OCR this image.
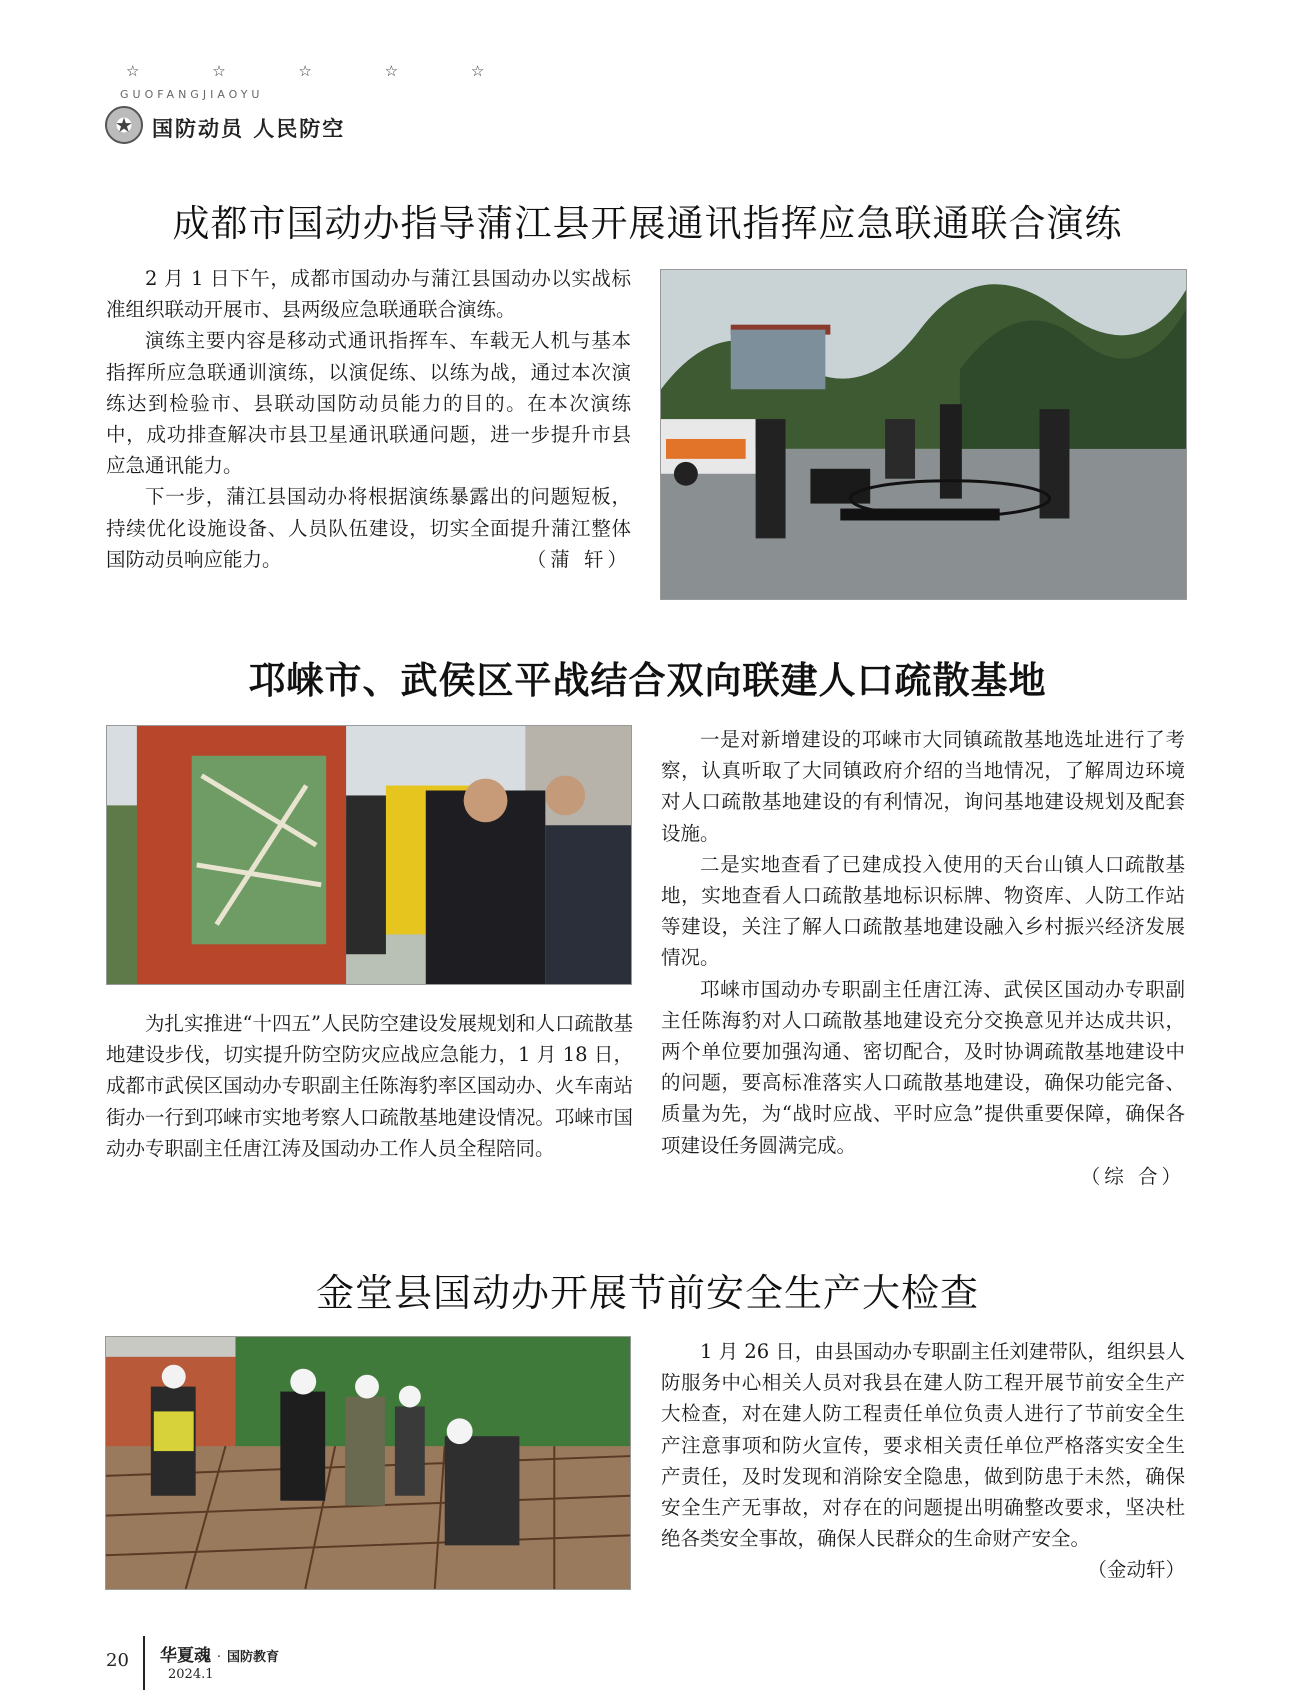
☆ ☆ ☆ ☆ ☆
GUOFANGJIAOYU
★ 国防动员 人民防空
成都市国动办指导蒲江县开展通讯指挥应急联通联合演练

2 月 1 日下午，成都市国动办与蒲江县国动办以实战标准组织联动开展市、县两级应急联通联合演练。

演练主要内容是移动式通讯指挥车、车载无人机与基本指挥所应急联通训演练，以演促练、以练为战，通过本次演练达到检验市、县联动国防动员能力的目的。在本次演练中，成功排查解决市县卫星通讯联通问题，进一步提升市县应急通讯能力。

下一步，蒲江县国动办将根据演练暴露出的问题短板，持续优化设施设备、人员队伍建设，切实全面提升蒲江整体国防动员响应能力。	（蒲 轩）

邛崃市、武侯区平战结合双向联建人口疏散基地

为扎实推进“十四五”人民防空建设发展规划和人口疏散基地建设步伐，切实提升防空防灾应战应急能力，1 月 18 日，成都市武侯区国动办专职副主任陈海豹率区国动办、火车南站街办一行到邛崃市实地考察人口疏散基地建设情况。邛崃市国动办专职副主任唐江涛及国动办工作人员全程陪同。

一是对新增建设的邛崃市大同镇疏散基地选址进行了考察，认真听取了大同镇政府介绍的当地情况，了解周边环境对人口疏散基地建设的有利情况，询问基地建设规划及配套设施。

二是实地查看了已建成投入使用的天台山镇人口疏散基地，实地查看人口疏散基地标识标牌、物资库、人防工作站等建设，关注了解人口疏散基地建设融入乡村振兴经济发展情况。

邛崃市国动办专职副主任唐江涛、武侯区国动办专职副主任陈海豹对人口疏散基地建设充分交换意见并达成共识，两个单位要加强沟通、密切配合，及时协调疏散基地建设中的问题，要高标准落实人口疏散基地建设，确保功能完备、质量为先，为“战时应战、平时应急”提供重要保障，确保各项建设任务圆满完成。

（综 合）

金堂县国动办开展节前安全生产大检查

1 月 26 日，由县国动办专职副主任刘建带队，组织县人防服务中心相关人员对我县在建人防工程开展节前安全生产大检查，对在建人防工程责任单位负责人进行了节前安全生产注意事项和防火宣传，要求相关责任单位严格落实安全生产责任，及时发现和消除安全隐患，做到防患于未然，确保安全生产无事故，对存在的问题提出明确整改要求，坚决杜绝各类安全事故，确保人民群众的生命财产安全。
（金动轩）

20 华夏魂 · 国防教育
2024.1
